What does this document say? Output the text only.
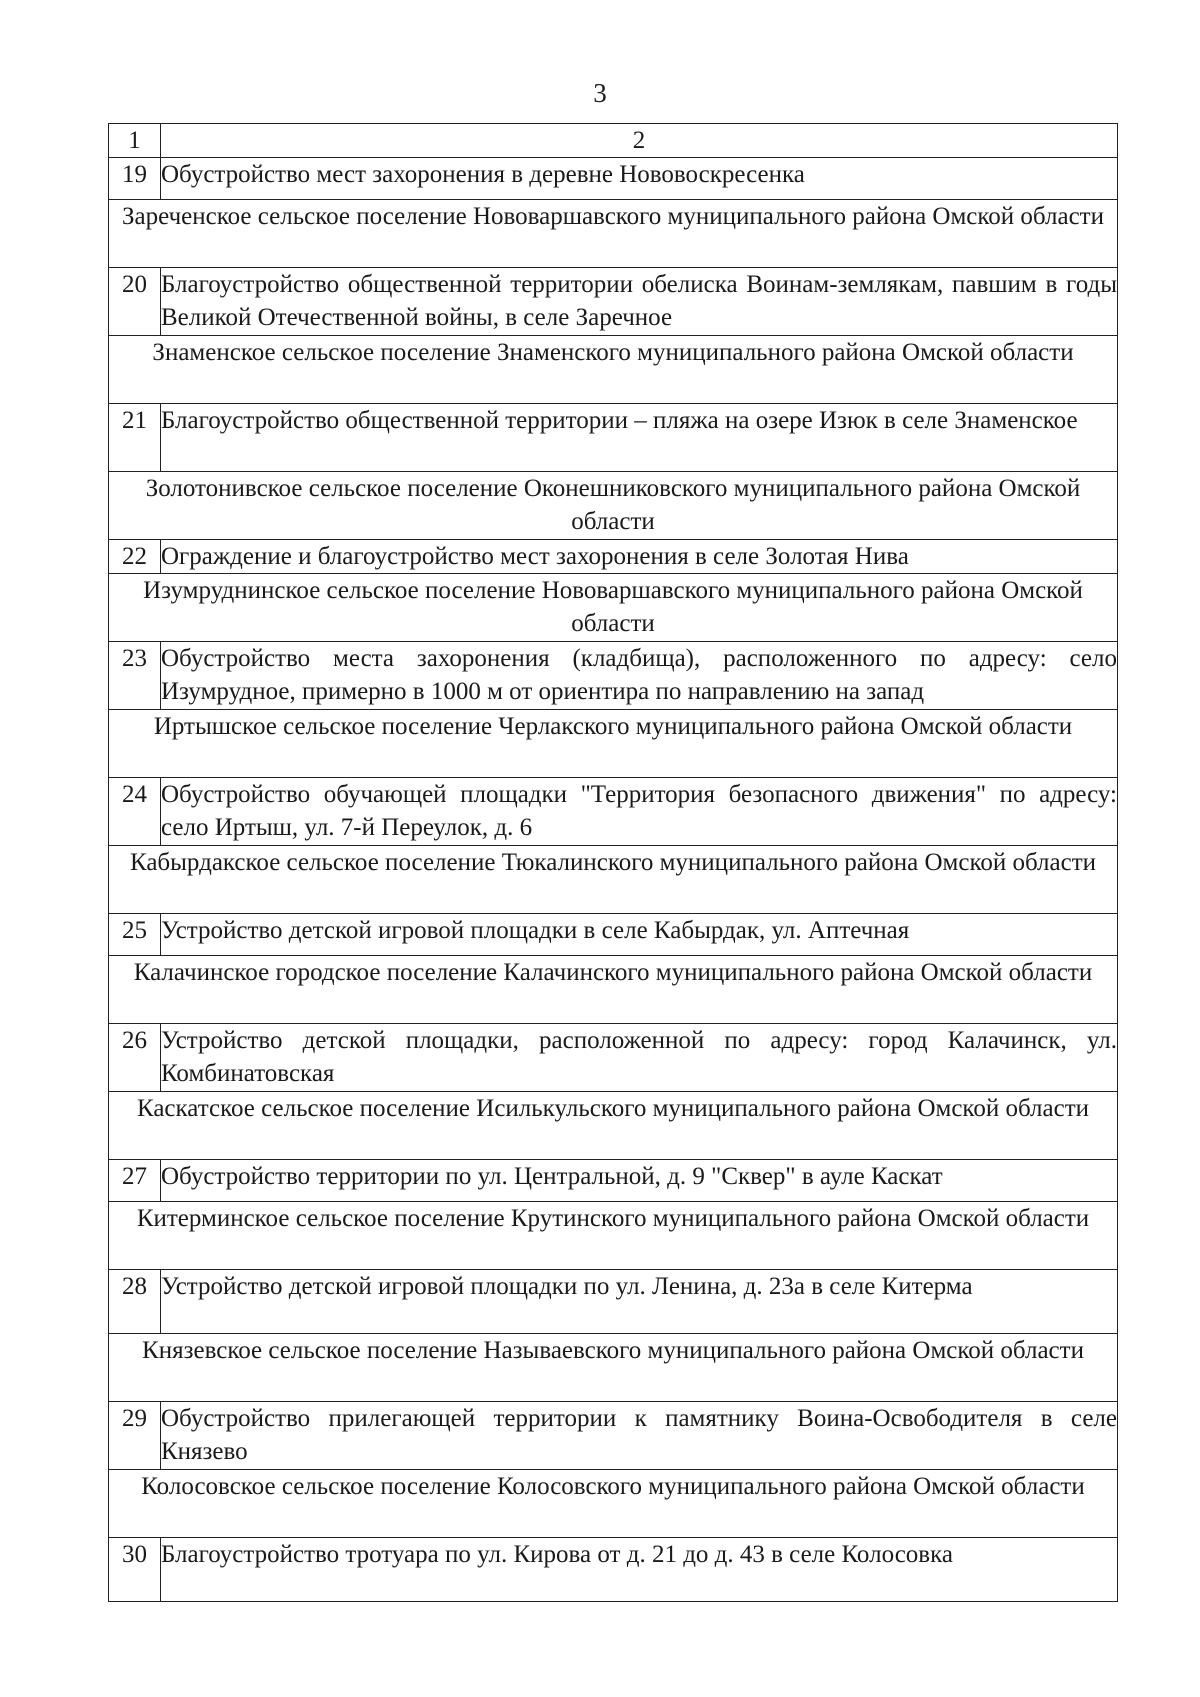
3
1	2
19	Обустройство мест захоронения в деревне Нововоскресенка
Зареченское сельское поселение Нововаршавского муниципального района Омской области	
20	Благоустройство общественной территории обелиска Воинам-землякам, павшим в годы Великой Отечественной войны, в селе Заречное
Знаменское сельское поселение Знаменского муниципального района Омской области	
21	Благоустройство общественной территории – пляжа на озере Изюк в селе Знаменское
Золотонивское сельское поселение Оконешниковского муниципального района Омской области	
22	Ограждение и благоустройство мест захоронения в селе Золотая Нива
Изумруднинское сельское поселение Нововаршавского муниципального района Омской области	
23	Обустройство места захоронения (кладбища), расположенного по адресу: село Изумрудное, примерно в 1000 м от ориентира по направлению на запад
Иртышское сельское поселение Черлакского муниципального района Омской области	
24	Обустройство обучающей площадки "Территория безопасного движения" по адресу: село Иртыш, ул. 7-й Переулок, д. 6
Кабырдакское сельское поселение Тюкалинского муниципального района Омской области	
25	Устройство детской игровой площадки в селе Кабырдак, ул. Аптечная
Калачинское городское поселение Калачинского муниципального района Омской области	
26	Устройство детской площадки, расположенной по адресу: город Калачинск, ул. Комбинатовская
Каскатское сельское поселение Исилькульского муниципального района Омской области	
27	Обустройство территории по ул. Центральной, д. 9 "Сквер" в ауле Каскат
Китерминское сельское поселение Крутинского муниципального района Омской области	
28	Устройство детской игровой площадки по ул. Ленина, д. 23а в селе Китерма
Князевское сельское поселение Называевского муниципального района Омской области	
29	Обустройство прилегающей территории к памятнику Воина-Освободителя в селе Князево
Колосовское сельское поселение Колосовского муниципального района Омской области	
30	Благоустройство тротуара по ул. Кирова от д. 21 до д. 43 в селе Колосовка
